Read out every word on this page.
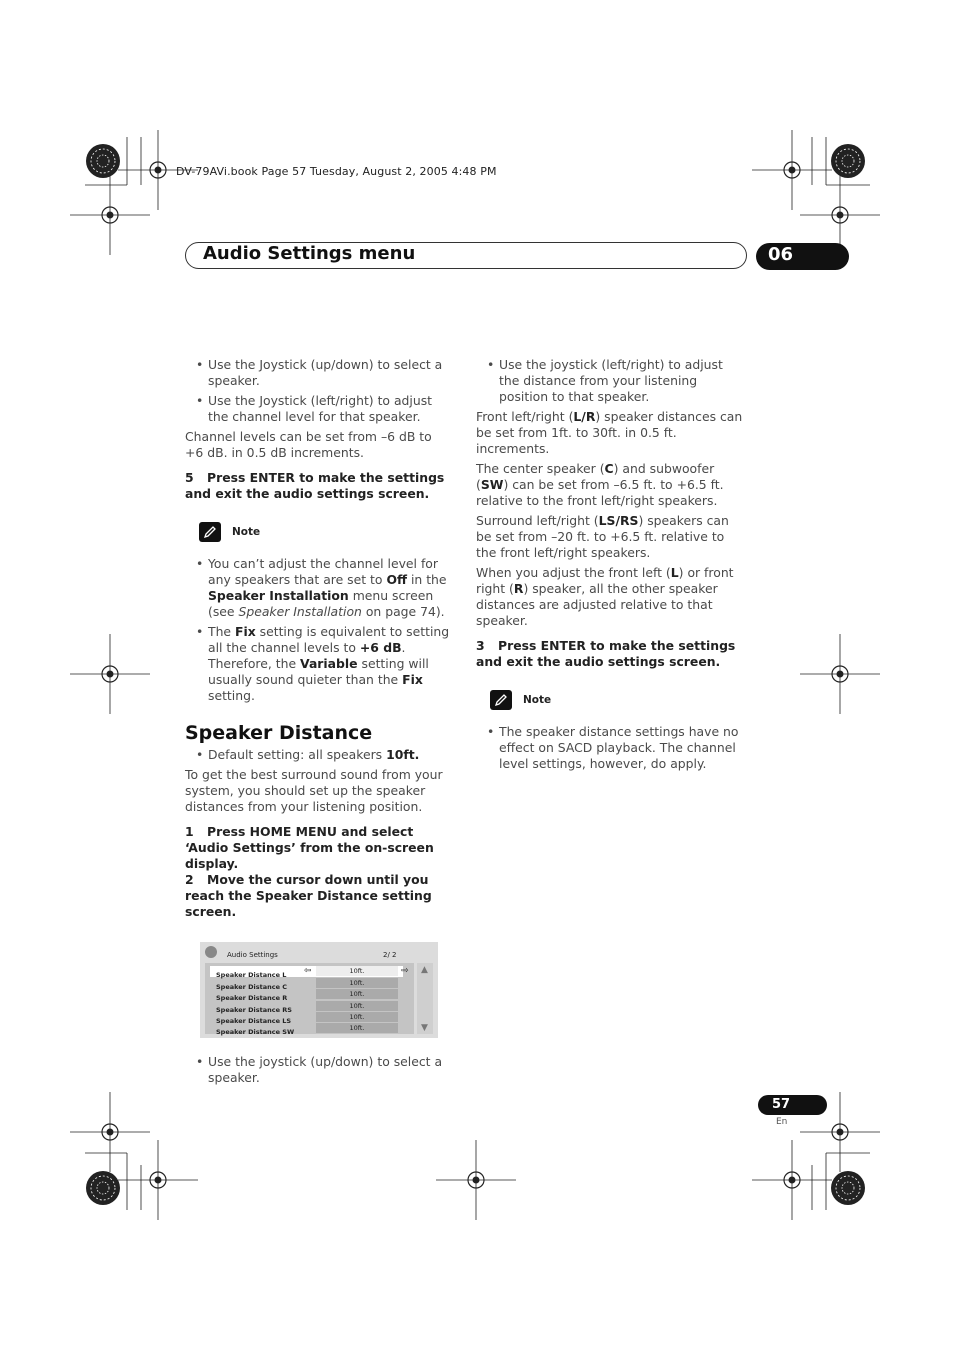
DV-79AVi.book Page 57 Tuesday, August 2, 2005 4:48 PM
Audio Settings menu	06
• Use the Joystick (up/down) to select a speaker.
• Use the Joystick (left/right) to adjust the channel level for that speaker.

Channel levels can be set from –6 dB to +6 dB. in 0.5 dB increments.

5 Press ENTER to make the settings and exit the audio settings screen.

Note
• You can’t adjust the channel level for any speakers that are set to Off in the Speaker Installation menu screen (see Speaker Installation on page 74).
• The Fix setting is equivalent to setting all the channel levels to +6 dB. Therefore, the Variable setting will usually sound quieter than the Fix setting.
Speaker Distance
• Default setting: all speakers 10ft.

To get the best surround sound from your system, you should set up the speaker distances from your listening position.

1 Press HOME MENU and select ‘Audio Settings’ from the on-screen display.

2 Move the cursor down until you reach the Speaker Distance setting screen.

Audio Settings	2/ 2
Speaker Distance L	10ft.
⇦	⇨
Speaker Distance C	10ft.
Speaker Distance R	10ft.
Speaker Distance RS	10ft.
Speaker Distance LS	10ft.
Speaker Distance SW	10ft.
▲
▼
• Use the joystick (up/down) to select a speaker.
• Use the joystick (left/right) to adjust the distance from your listening position to that speaker.

Front left/right (L/R) speaker distances can be set from 1ft. to 30ft. in 0.5 ft. increments.

The center speaker (C) and subwoofer (SW) can be set from –6.5 ft. to +6.5 ft. relative to the front left/right speakers.

Surround left/right (LS/RS) speakers can be set from –20 ft. to +6.5 ft. relative to the front left/right speakers.

When you adjust the front left (L) or front right (R) speaker, all the other speaker distances are adjusted relative to that speaker.

3 Press ENTER to make the settings and exit the audio settings screen.

Note
• The speaker distance settings have no effect on SACD playback. The channel level settings, however, do apply.
57
En
